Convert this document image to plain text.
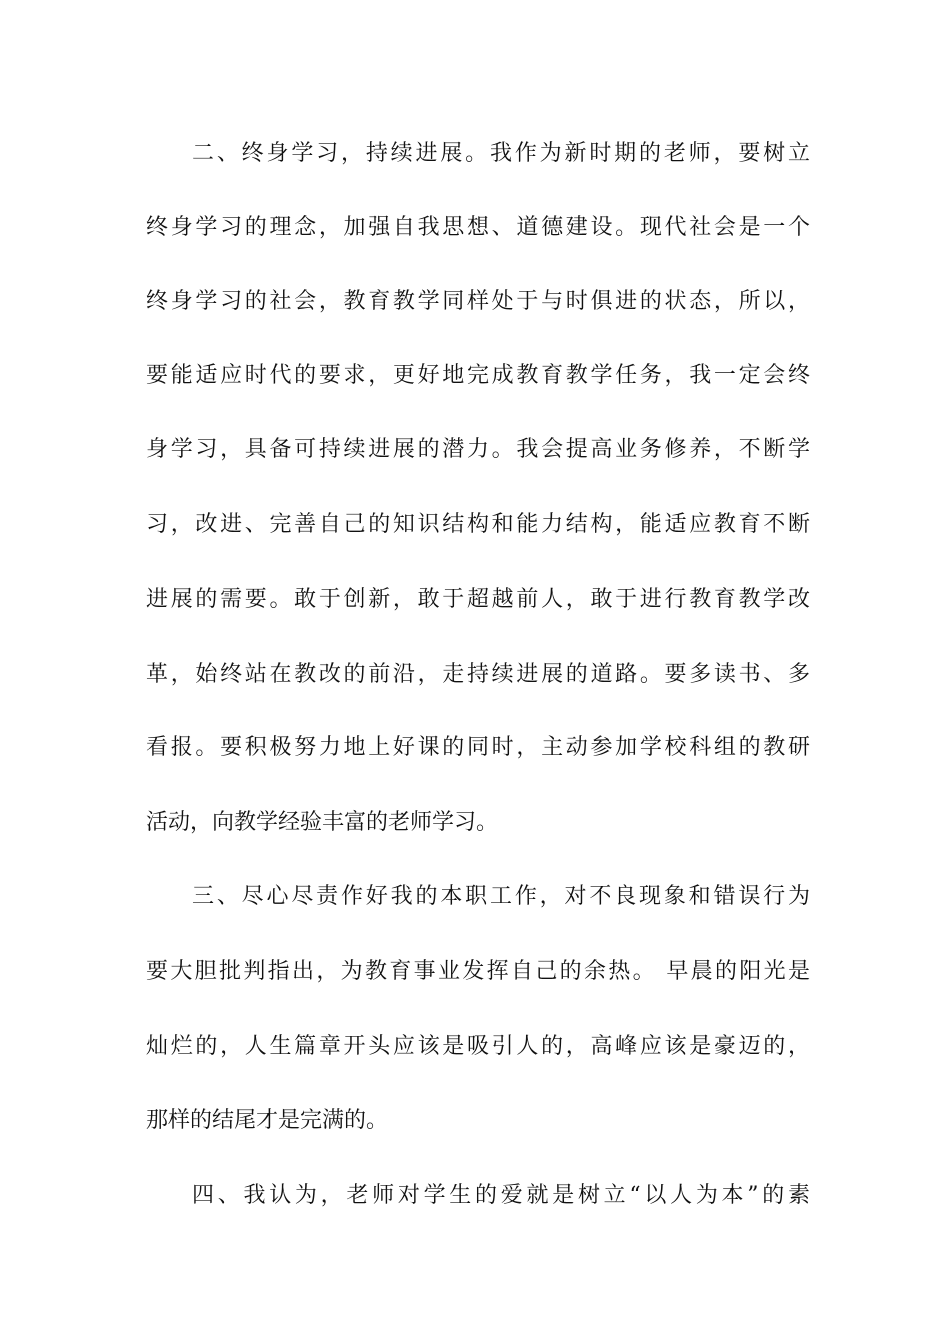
二、终身学习，持续进展。我作为新时期的老师，要树立
终身学习的理念，加强自我思想、道德建设。现代社会是一个
终身学习的社会，教育教学同样处于与时俱进的状态，所以，
要能适应时代的要求，更好地完成教育教学任务，我一定会终
身学习，具备可持续进展的潜力。我会提高业务修养，不断学
习，改进、完善自己的知识结构和能力结构，能适应教育不断
进展的需要。敢于创新，敢于超越前人，敢于进行教育教学改
革，始终站在教改的前沿，走持续进展的道路。要多读书、多
看报。要积极努力地上好课的同时，主动参加学校科组的教研
活动，向教学经验丰富的老师学习。
三、尽心尽责作好我的本职工作，对不良现象和错误行为
要大胆批判指出，为教育事业发挥自己的余热。 早晨的阳光是
灿烂的，人生篇章开头应该是吸引人的，高峰应该是豪迈的，
那样的结尾才是完满的。
四、我认为，老师对学生的爱就是树立“以人为本”的素
